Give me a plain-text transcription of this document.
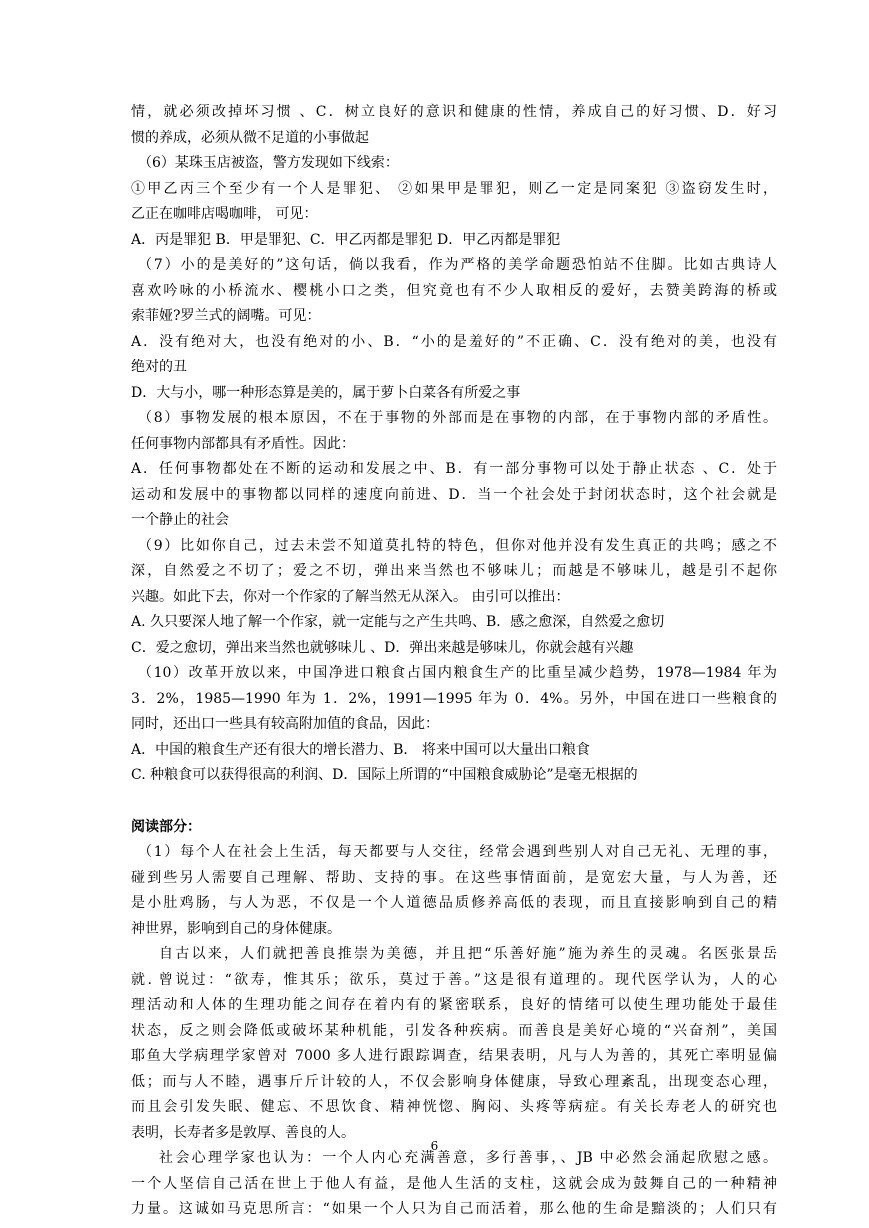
情，就必须改掉坏习惯 、C．树立良好的意识和健康的性情，养成自己的好习惯、D．好习
惯的养成，必须从微不足道的小事做起
（6）某珠玉店被盗，警方发现如下线索：
①甲乙丙三个至少有一个人是罪犯、 ②如果甲是罪犯，则乙一定是同案犯 ③盗窃发生时，
乙正在咖啡店喝咖啡， 可见：
A．丙是罪犯 B．甲是罪犯、C．甲乙丙都是罪犯 D．甲乙丙都是罪犯
（7）小的是美好的”这句话，倘以我看，作为严格的美学命题恐怕站不住脚。比如古典诗人
喜欢吟咏的小桥流水、樱桃小口之类，但究竟也有不少人取相反的爱好，去赞美跨海的桥或
索菲娅?罗兰式的阔嘴。可见：
A．没有绝对大，也没有绝对的小、B．“小的是羞好的”不正确、C．没有绝对的美，也没有
绝对的丑
D．大与小，哪一种形态算是美的，属于萝卜白菜各有所爱之事
（8）事物发展的根本原因，不在于事物的外部而是在事物的内部，在于事物内部的矛盾性。
任何事物内部都具有矛盾性。因此：
A．任何事物都处在不断的运动和发展之中、B．有一部分事物可以处于静止状态 、C．处于
运动和发展中的事物都以同样的速度向前进、D．当一个社会处于封闭状态时，这个社会就是
一个静止的社会
（9）比如你自己，过去未尝不知道莫扎特的特色，但你对他并没有发生真正的共鸣；感之不
深，自然爱之不切了；爱之不切，弹出来当然也不够味儿；而越是不够味儿，越是引不起你
兴趣。如此下去，你对一个作家的了解当然无从深入。 由引可以推出：
A. 久只要深人地了解一个作家，就一定能与之产生共鸣、B．感之愈深，自然爱之愈切
C．爱之愈切，弹出来当然也就够味儿 、D．弹出来越是够味儿，你就会越有兴趣
（10）改革开放以来，中国净进口粮食占国内粮食生产的比重呈减少趋势，1978—1984 年为
3．2%，1985—1990 年为 1．2%，1991—1995 年为 0．4%。另外，中国在进口一些粮食的
同时，还出口一些具有较高附加值的食品，因此：
A．中国的粮食生产还有很大的增长潜力、B． 将来中国可以大量出口粮食
C. 种粮食可以获得很高的利润、D．国际上所谓的“中国粮食威胁论”是毫无根据的
阅读部分：
（1）每个人在社会上生活，每天都要与人交往，经常会遇到些别人对自己无礼、无理的事，
碰到些另人需要自己理解、帮助、支持的事。在这些事情面前，是宽宏大量，与人为善，还
是小肚鸡肠，与人为恶，不仅是一个人道德品质修养高低的表现，而且直接影响到自己的精
神世界，影响到自己的身体健康。
自古以来，人们就把善良推崇为美德，并且把“乐善好施”施为养生的灵魂。名医张景岳
就. 曾说过：“欲寿，惟其乐；欲乐，莫过于善。”这是很有道理的。现代医学认为，人的心
理活动和人体的生理功能之间存在着内有的紧密联系，良好的情绪可以使生理功能处于最佳
状态，反之则会降低或破坏某种机能，引发各种疾病。而善良是美好心境的“兴奋剂”，美国
耶鱼大学病理学家曾对 7000 多人进行跟踪调查，结果表明，凡与人为善的，其死亡率明显偏
低；而与人不睦，遇事斤斤计较的人，不仅会影响身体健康，导致心理紊乱，出现变态心理，
而且会引发失眠、健忘、不思饮食、精神恍惚、胸闷、头疼等病症。有关长寿老人的研究也
表明，长寿者多是敦厚、善良的人。
社会心理学家也认为：一个人内心充满善意，多行善事，、JB 中必然会涌起欣慰之感。
一个人坚信自己活在世上于他人有益，是他人生活的支柱，这就会成为鼓舞自己的一种精神
力量。这诚如马克思所言：“如果一个人只为自己而活着，那么他的生命是黯淡的；人们只有
6
